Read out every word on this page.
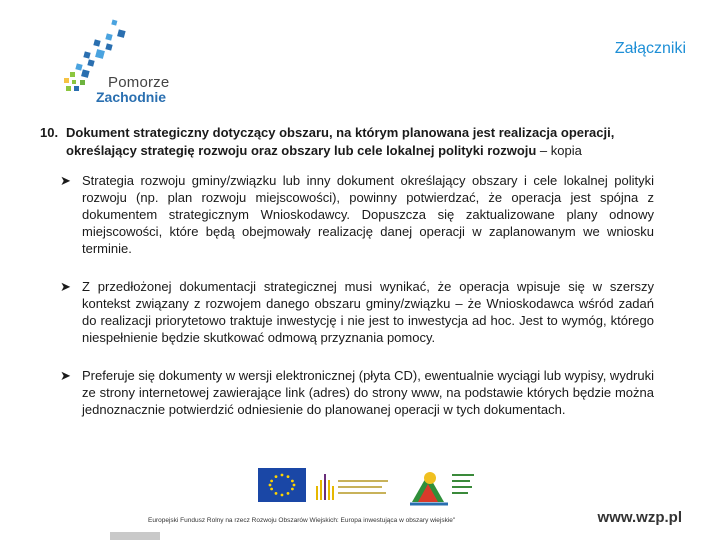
Pomorze
Zachodnie
Załączniki
10. Dokument strategiczny dotyczący obszaru, na którym planowana jest realizacja operacji,
określający strategię rozwoju oraz obszary lub cele lokalnej polityki rozwoju – kopia
➤ Strategia rozwoju gminy/związku lub inny dokument określający obszary i cele lokalnej polityki rozwoju (np. plan rozwoju miejscowości), powinny potwierdzać, że operacja jest spójna z dokumentem strategicznym Wnioskodawcy. Dopuszcza się zaktualizowane plany odnowy miejscowości, które będą obejmowały realizację danej operacji w zaplanowanym we wniosku terminie.
➤ Z przedłożonej dokumentacji strategicznej musi wynikać, że operacja wpisuje się w szerszy kontekst związany z rozwojem danego obszaru gminy/związku – że Wnioskodawca wśród zadań do realizacji priorytetowo traktuje inwestycję i nie jest to inwestycja ad hoc. Jest to wymóg, którego niespełnienie będzie skutkować odmową przyznania pomocy.
➤ Preferuje się dokumenty w wersji elektronicznej (płyta CD), ewentualnie wyciągi lub wypisy, wydruki ze strony internetowej zawierające link (adres) do strony www, na podstawie których będzie można jednoznacznie potwierdzić odniesienie do planowanej operacji w tych dokumentach.
Europejski Fundusz Rolny na rzecz Rozwoju Obszarów Wiejskich: Europa inwestująca w obszary wiejskie"	www.wzp.pl
